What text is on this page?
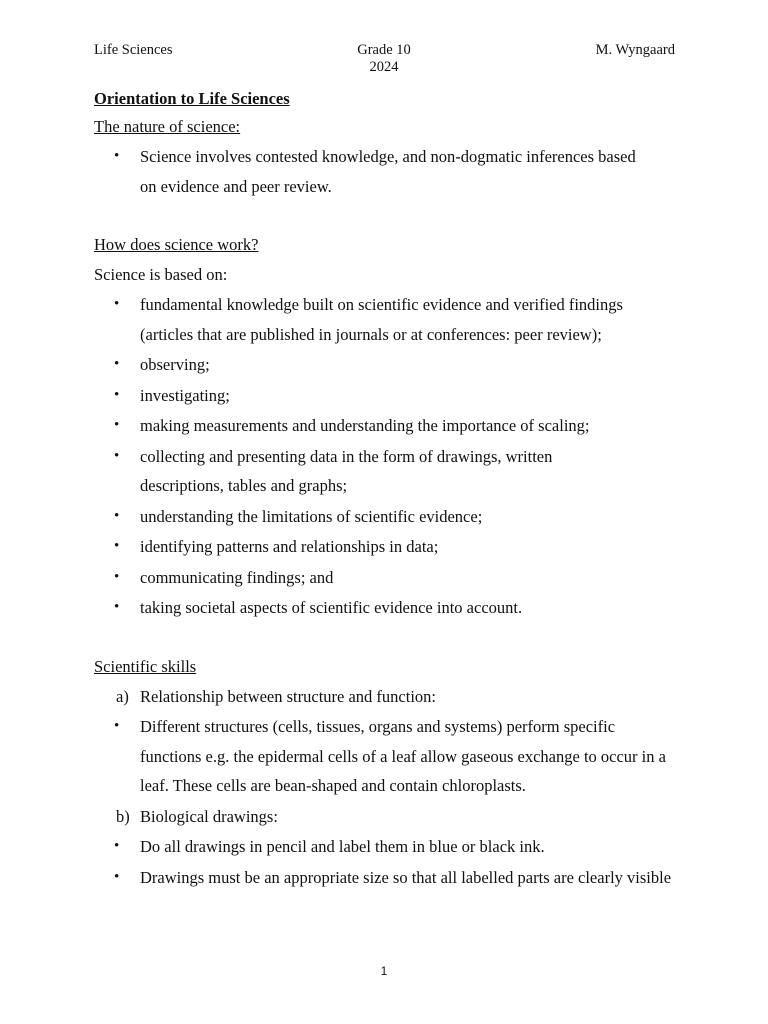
Life Sciences	Grade 10
2024
M. Wyngaard
Orientation to Life Sciences
The nature of science:
• Science involves contested knowledge, and non-dogmatic inferences based on evidence and peer review.
How does science work?
Science is based on:
• fundamental knowledge built on scientific evidence and verified findings (articles that are published in journals or at conferences: peer review);
• observing;
• investigating;
• making measurements and understanding the importance of scaling;
• collecting and presenting data in the form of drawings, written descriptions, tables and graphs;
• understanding the limitations of scientific evidence;
• identifying patterns and relationships in data;
• communicating findings; and
• taking societal aspects of scientific evidence into account.
Scientific skills
a) Relationship between structure and function:
• Different structures (cells, tissues, organs and systems) perform specific functions e.g. the epidermal cells of a leaf allow gaseous exchange to occur in a leaf. These cells are bean-shaped and contain chloroplasts.
b) Biological drawings:
• Do all drawings in pencil and label them in blue or black ink.
• Drawings must be an appropriate size so that all labelled parts are clearly visible
1
